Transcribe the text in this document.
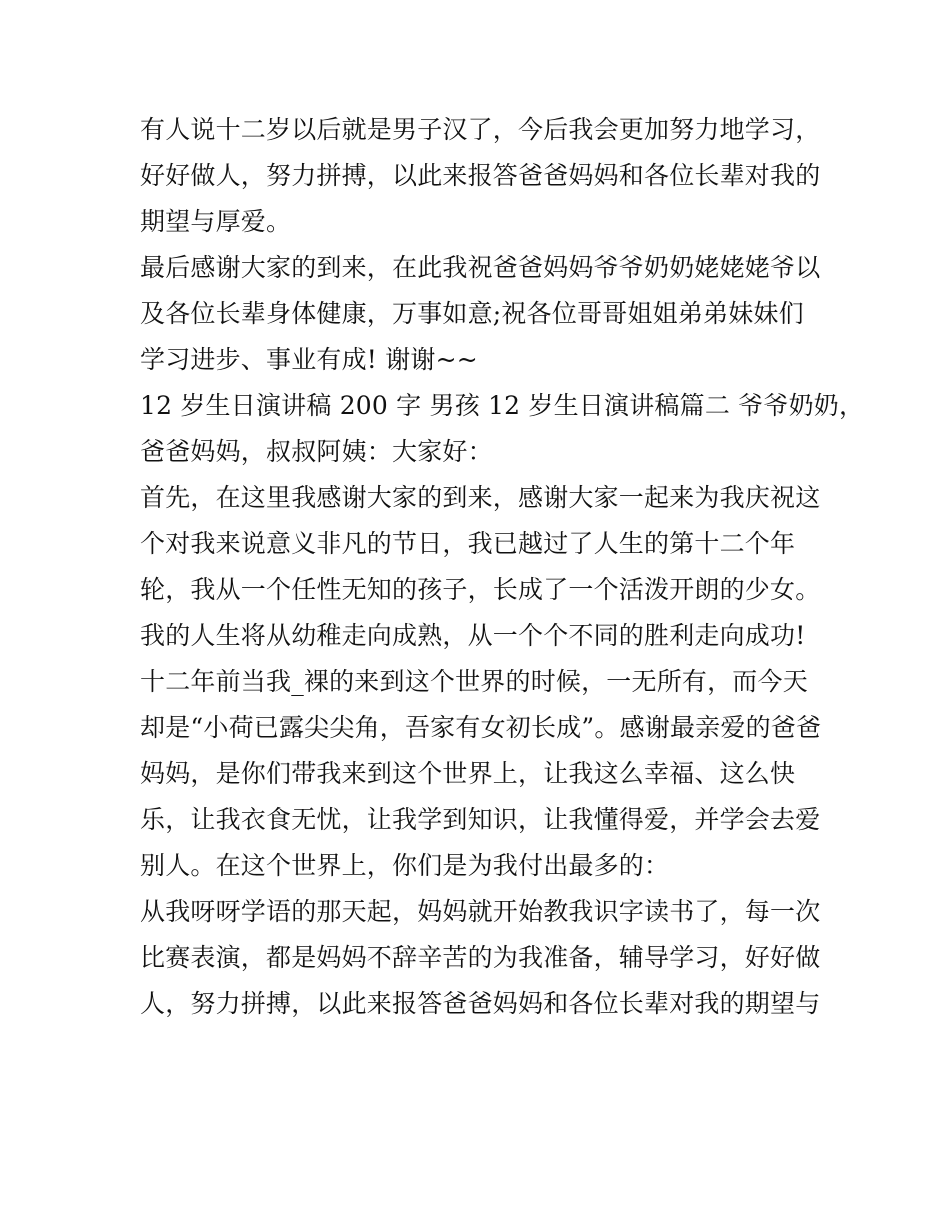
有人说十二岁以后就是男子汉了，今后我会更加努力地学习，
好好做人，努力拼搏，以此来报答爸爸妈妈和各位长辈对我的
期望与厚爱。
最后感谢大家的到来，在此我祝爸爸妈妈爷爷奶奶姥姥姥爷以
及各位长辈身体健康，万事如意;祝各位哥哥姐姐弟弟妹妹们
学习进步、事业有成! 谢谢~~
12 岁生日演讲稿 200 字 男孩 12 岁生日演讲稿篇二 爷爷奶奶，
爸爸妈妈，叔叔阿姨：大家好：
首先，在这里我感谢大家的到来，感谢大家一起来为我庆祝这
个对我来说意义非凡的节日，我已越过了人生的第十二个年
轮，我从一个任性无知的孩子，长成了一个活泼开朗的少女。
我的人生将从幼稚走向成熟，从一个个不同的胜利走向成功!
十二年前当我_裸的来到这个世界的时候，一无所有，而今天
却是“小荷已露尖尖角，吾家有女初长成”。感谢最亲爱的爸爸
妈妈，是你们带我来到这个世界上，让我这么幸福、这么快
乐，让我衣食无忧，让我学到知识，让我懂得爱，并学会去爱
别人。在这个世界上，你们是为我付出最多的：
从我呀呀学语的那天起，妈妈就开始教我识字读书了，每一次
比赛表演，都是妈妈不辞辛苦的为我准备，辅导学习，好好做
人，努力拼搏，以此来报答爸爸妈妈和各位长辈对我的期望与
